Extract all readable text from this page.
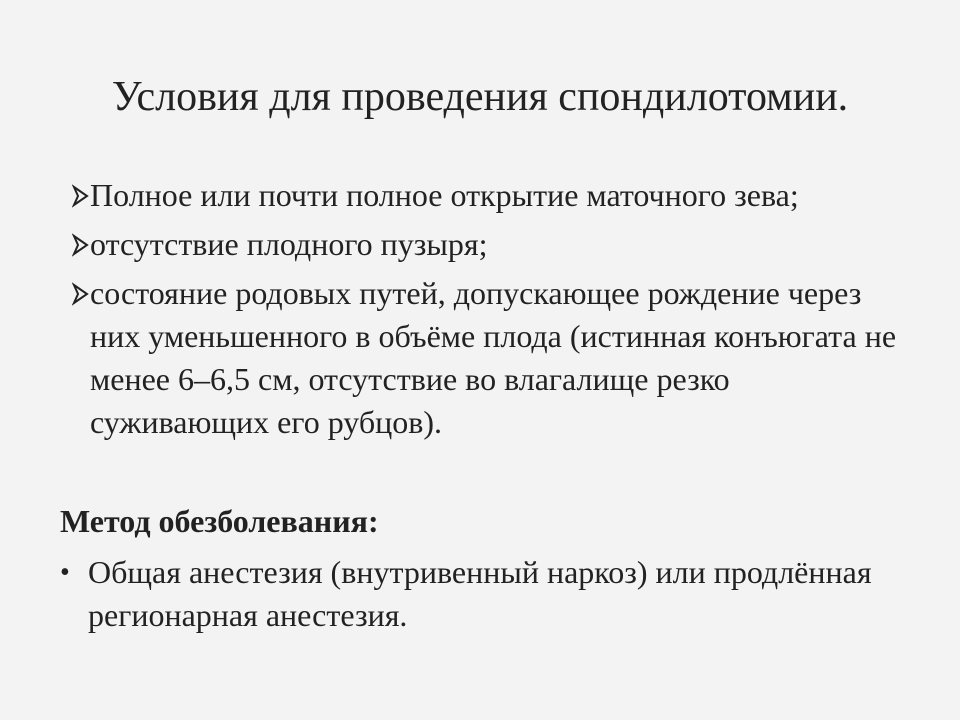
Условия для проведения спондилотомии.
Полное или почти полное открытие маточного зева;
отсутствие плодного пузыря;
состояние родовых путей, допускающее рождение через них уменьшенного в объёме плода (истинная конъюгата не менее 6–6,5 см, отсутствие во влагалище резко суживающих его рубцов).

Метод обезболевания:

• Общая анестезия (внутривенный наркоз) или продлённая регионарная анестезия.
